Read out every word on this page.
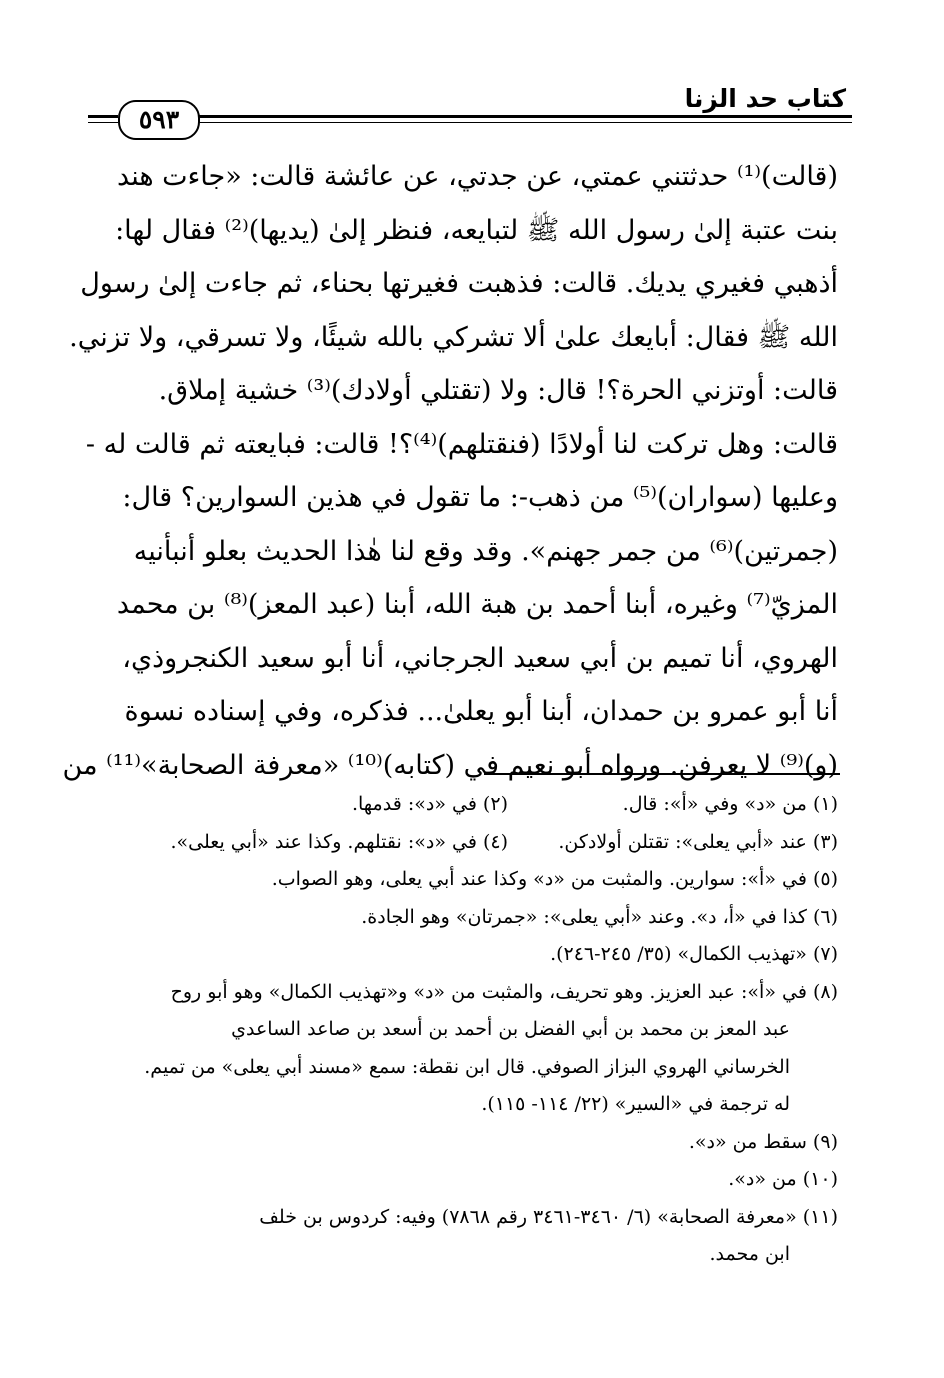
٥٩٣
كتاب حد الزنا

(قالت)⁽¹⁾ حدثتني عمتي، عن جدتي، عن عائشة قالت: «جاءت هند

بنت عتبة إلىٰ رسول الله ﷺ لتبايعه، فنظر إلىٰ (يديها)⁽²⁾ فقال لها:

أذهبي فغيري يديك. قالت: فذهبت فغيرتها بحناء، ثم جاءت إلىٰ رسول

الله ﷺ فقال: أبايعك علىٰ ألا تشركي بالله شيئًا، ولا تسرقي، ولا تزني.

قالت: أوتزني الحرة؟! قال: ولا (تقتلي أولادك)⁽³⁾ خشية إملاق.

قالت: وهل تركت لنا أولادًا (فنقتلهم)⁽⁴⁾؟! قالت: فبايعته ثم قالت له -

وعليها (سواران)⁽⁵⁾ من ذهب-: ما تقول في هذين السوارين؟ قال:

(جمرتين)⁽⁶⁾ من جمر جهنم». وقد وقع لنا هٰذا الحديث بعلو أنبأنيه

المزيّ⁽⁷⁾ وغيره، أبنا أحمد بن هبة الله، أبنا (عبد المعز)⁽⁸⁾ بن محمد

الهروي، أنا تميم بن أبي سعيد الجرجاني، أنا أبو سعيد الكنجروذي،

أنا أبو عمرو بن حمدان، أبنا أبو يعلىٰ... فذكره، وفي إسناده نسوة

(و)⁽⁹⁾ لا يعرفن. ورواه أبو نعيم في (كتابه)⁽¹⁰⁾ «معرفة الصحابة»⁽¹¹⁾ من

(١) من «د» وفي «أ»: قال.
(٢) في «د»: قدمها.
(٣) عند «أبي يعلى»: تقتلن أولادكن.
(٤) في «د»: نقتلهم. وكذا عند «أبي يعلى».

(٥) في «أ»: سوارين. والمثبت من «د» وكذا عند أبي يعلى، وهو الصواب.

(٦) كذا في «أ، د». وعند «أبي يعلى»: «جمرتان» وهو الجادة.

(٧) «تهذيب الكمال» (٣٥/ ٢٤٥-٢٤٦).

(٨) في «أ»: عبد العزيز. وهو تحريف، والمثبت من «د» و«تهذيب الكمال» وهو أبو روح

عبد المعز بن محمد بن أبي الفضل بن أحمد بن أسعد بن صاعد الساعدي

الخرساني الهروي البزاز الصوفي. قال ابن نقطة: سمع «مسند أبي يعلى» من تميم.

له ترجمة في «السير» (٢٢/ ١١٤- ١١٥).

(٩) سقط من «د».

(١٠) من «د».

(١١) «معرفة الصحابة» (٦/ ٣٤٦٠-٣٤٦١ رقم ٧٨٦٨) وفيه: كردوس بن خلف

ابن محمد.
